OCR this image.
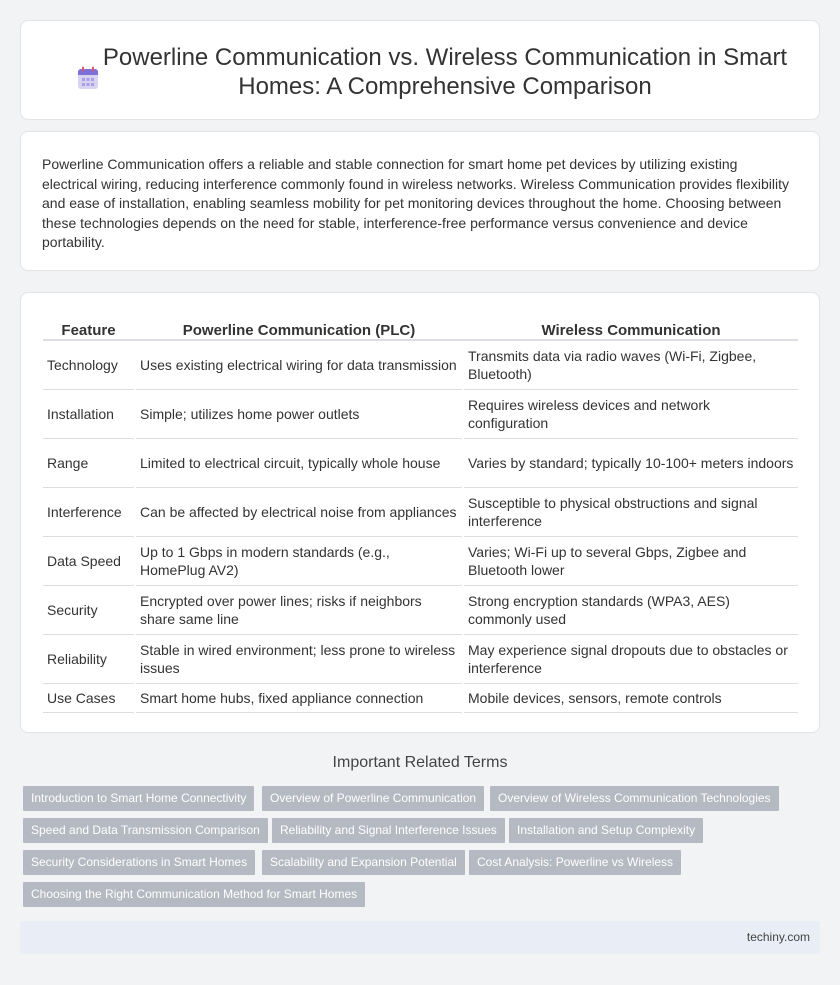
Powerline Communication vs. Wireless Communication in Smart Homes: A Comprehensive Comparison

Powerline Communication offers a reliable and stable connection for smart home pet devices by utilizing existing electrical wiring, reducing interference commonly found in wireless networks. Wireless Communication provides flexibility and ease of installation, enabling seamless mobility for pet monitoring devices throughout the home. Choosing between these technologies depends on the need for stable, interference-free performance versus convenience and device portability.

Feature	Powerline Communication (PLC)	Wireless Communication
Technology	Uses existing electrical wiring for data transmission	Transmits data via radio waves (Wi-Fi, Zigbee, Bluetooth)
Installation	Simple; utilizes home power outlets	Requires wireless devices and network configuration
Range	Limited to electrical circuit, typically whole house	Varies by standard; typically 10-100+ meters indoors
Interference	Can be affected by electrical noise from appliances	Susceptible to physical obstructions and signal interference
Data Speed	Up to 1 Gbps in modern standards (e.g., HomePlug AV2)	Varies; Wi-Fi up to several Gbps, Zigbee and Bluetooth lower
Security	Encrypted over power lines; risks if neighbors share same line	Strong encryption standards (WPA3, AES) commonly used
Reliability	Stable in wired environment; less prone to wireless issues	May experience signal dropouts due to obstacles or interference
Use Cases	Smart home hubs, fixed appliance connection	Mobile devices, sensors, remote controls
Important Related Terms
Introduction to Smart Home Connectivity	Overview of Powerline Communication	Overview of Wireless Communication Technologies
Speed and Data Transmission Comparison	Reliability and Signal Interference Issues	Installation and Setup Complexity
Security Considerations in Smart Homes	Scalability and Expansion Potential	Cost Analysis: Powerline vs Wireless
Choosing the Right Communication Method for Smart Homes
techiny.com
